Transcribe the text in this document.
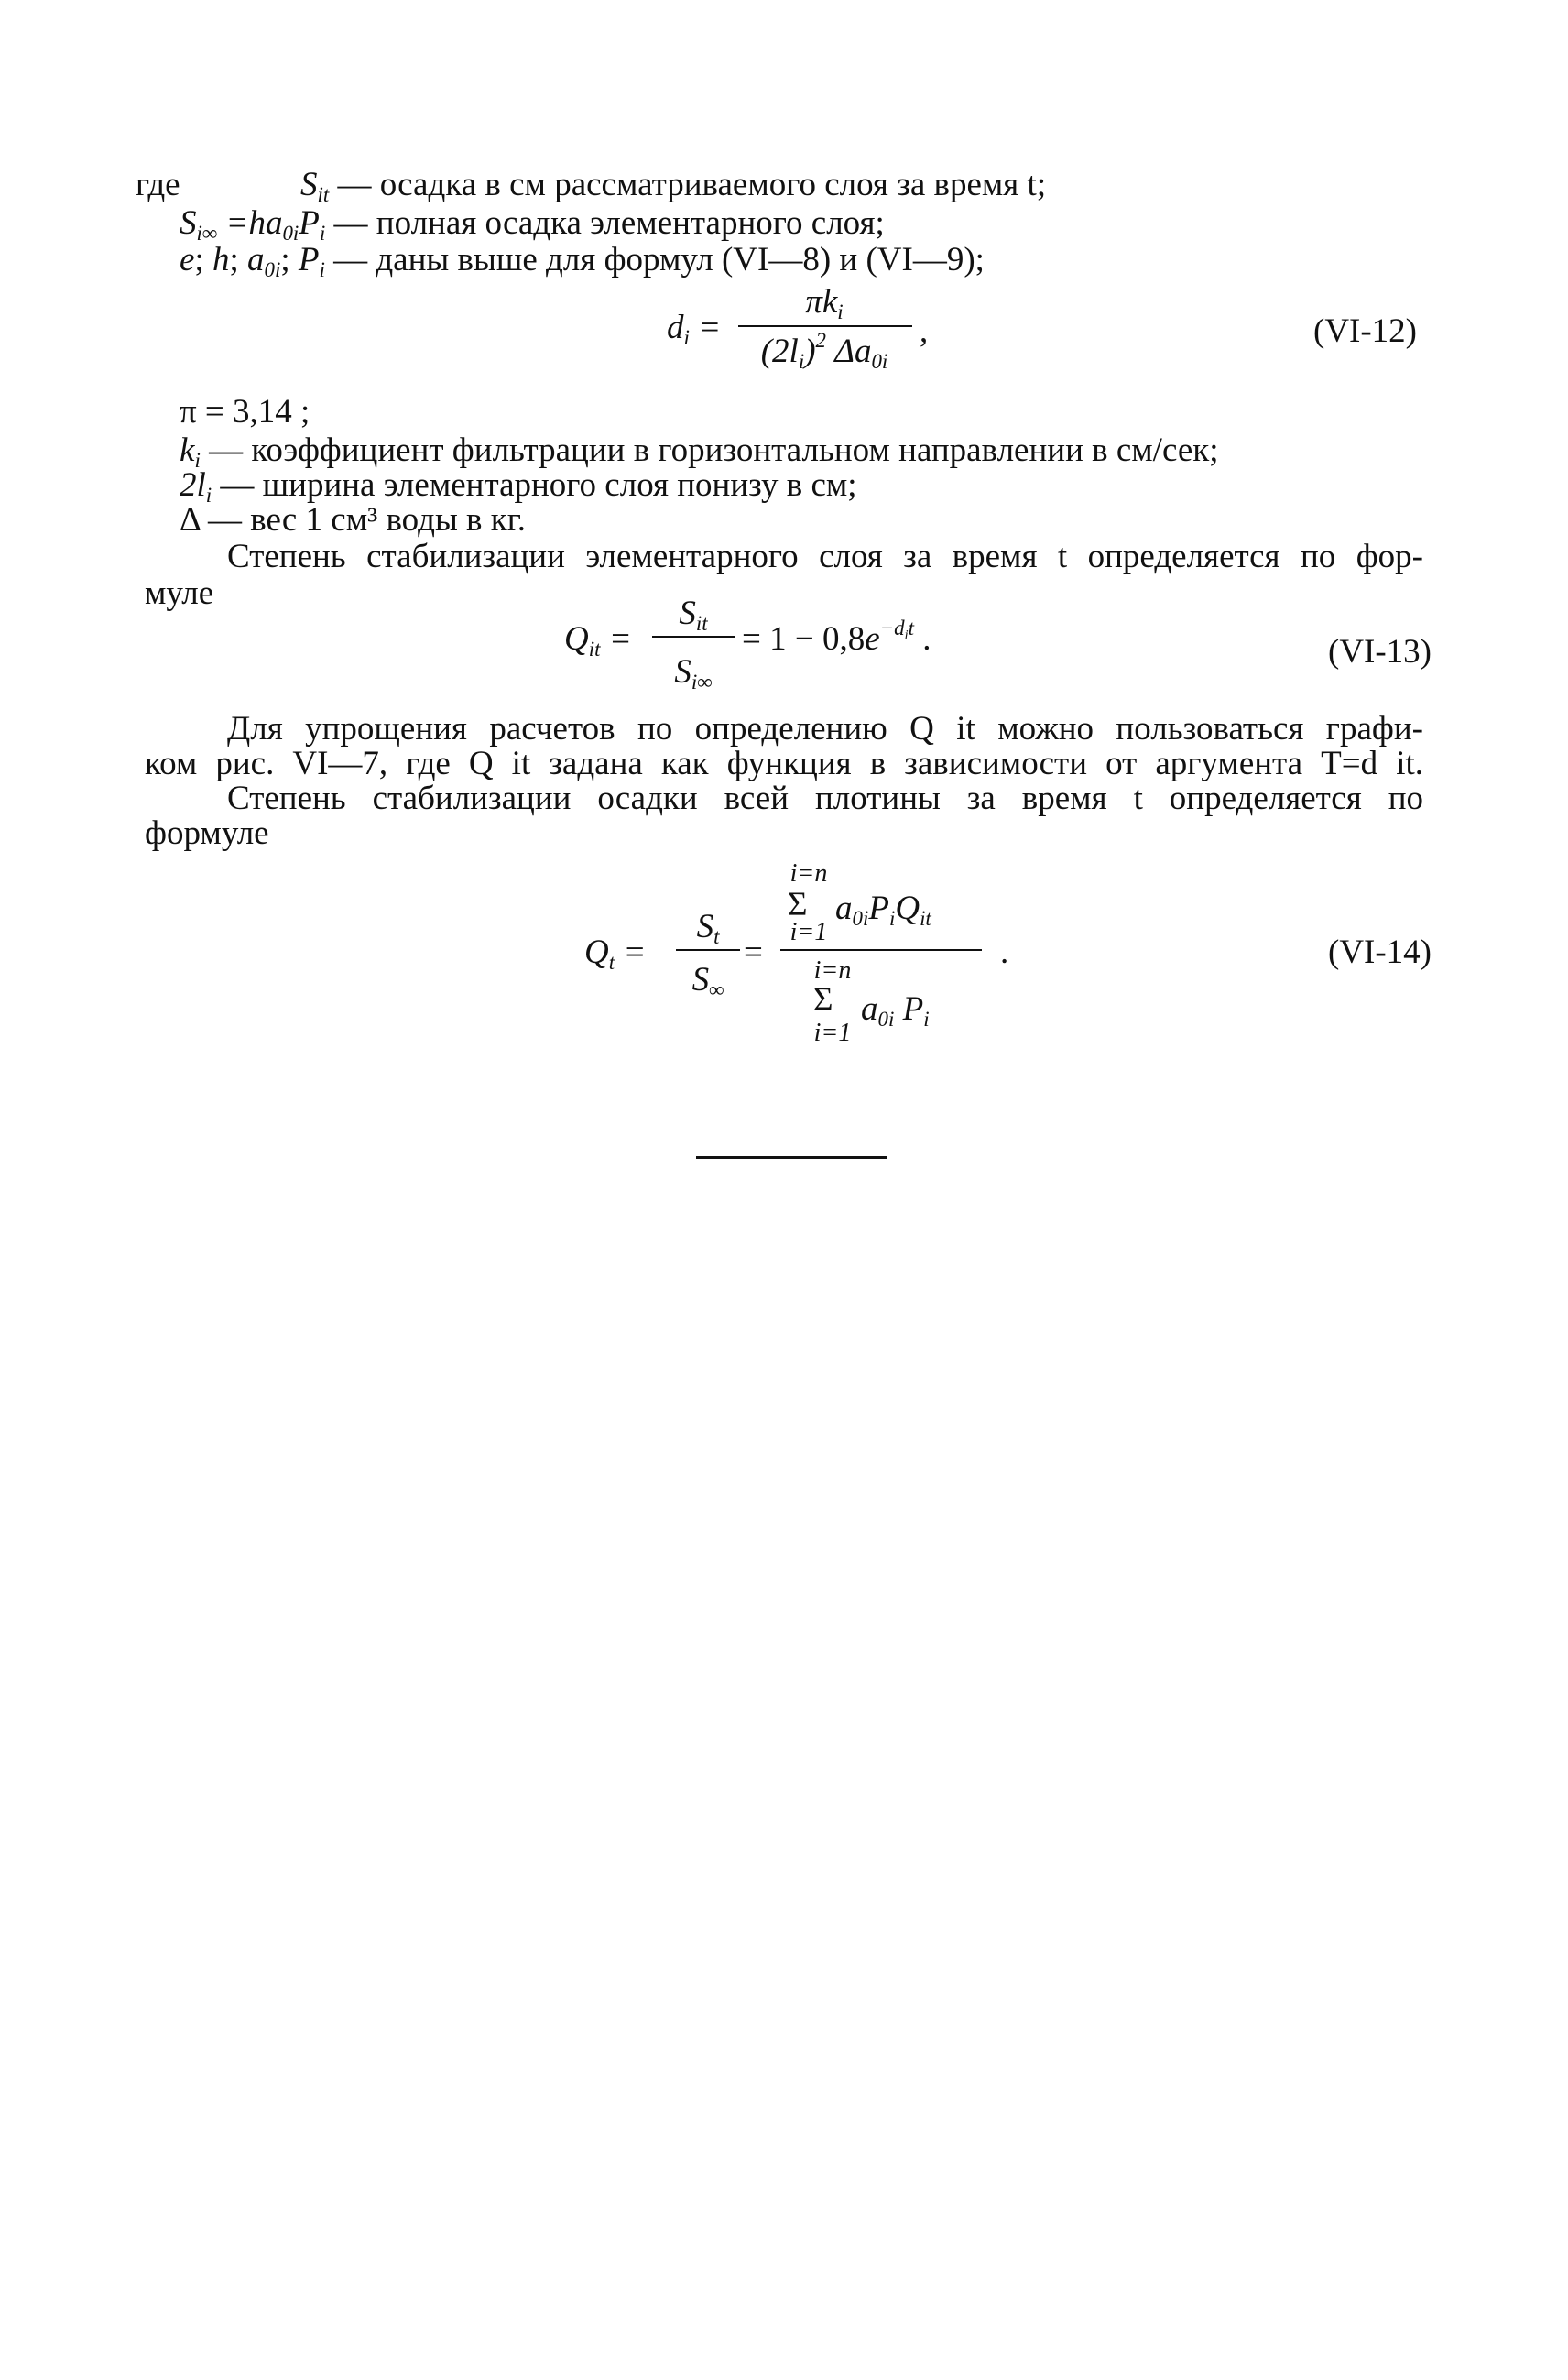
где	$S_{it}$ — осадка в см рассматриваемого слоя за время t;
$S_{i\infty} =ha_{0i}P_i$ — полная осадка элементарного слоя;
e; h; $a_{0i}$; $P_i$ — даны выше для формул (VI—8) и (VI—9);
$d_i$ =
$\pi k_i$
$(2l_i)^2$ $\Delta a_{0i}$
,	(VI-12)
π = 3,14 ;
$k_i$ — коэффициент фильтрации в горизонтальном направлении в см/сек;
$2l_i$ — ширина элементарного слоя понизу в см;
Δ — вес 1 см³ воды в кг.
Степень стабилизации элементарного слоя за время t определяется по фор-
муле
$Q_{it}$ =
$S_{it}$
$S_{i\infty}$
= $1 - 0,8e^{-d_it}$ .	(VI-13)
Для упрощения расчетов по определению Q it можно пользоваться графи-
ком рис. VI—7, где Q it задана как функция в зависимости от аргумента T=d it.
Степень стабилизации осадки всей плотины за время t определяется по
формуле
$Q_t$ =
$S_t$
$S_\infty$
=
i=n
Σ $a_{0i}P_iQ_{it}$
i=1
i=n
Σ $a_{0i}$ $P_i$
i=1
.	(VI-14)
